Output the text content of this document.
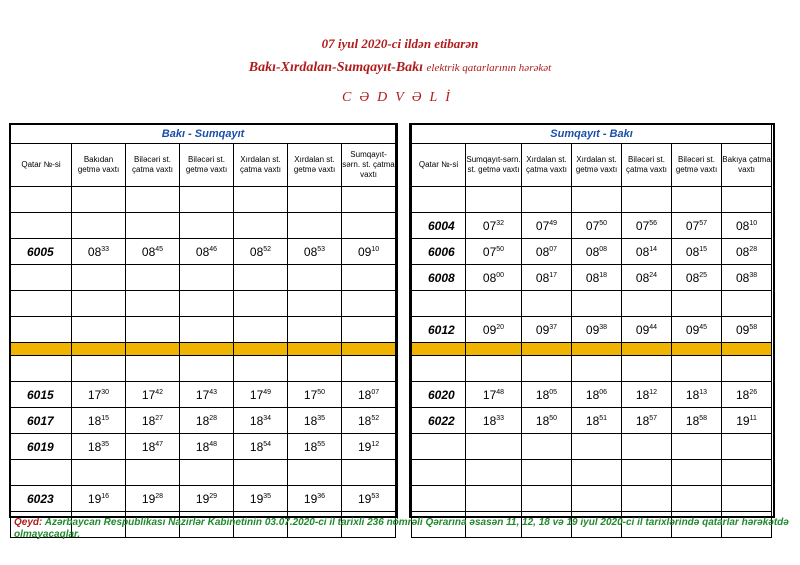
07 iyul 2020-ci ildən etibarən
Bakı-Xırdalan-Sumqayıt-Bakı elektrik qatarlarının hərəkət
CƏDVƏLİ
Bakı - Sumqayıt						
Qatar №-si	Bakıdan getmə vaxtı	Biləcəri st. çatma vaxtı	Biləcəri st. getmə vaxtı	Xırdalan st. çatma vaxtı	Xırdalan st. getmə vaxtı	Sumqayıt-sərn. st. çatma vaxtı

6005	$08^{33}$	$08^{45}$	$08^{46}$	$08^{52}$	$08^{53}$	$09^{10}$

6015	$17^{30}$	$17^{42}$	$17^{43}$	$17^{49}$	$17^{50}$	$18^{07}$
6017	$18^{15}$	$18^{27}$	$18^{28}$	$18^{34}$	$18^{35}$	$18^{52}$
6019	$18^{35}$	$18^{47}$	$18^{48}$	$18^{54}$	$18^{55}$	$19^{12}$

6023	$19^{16}$	$19^{28}$	$19^{29}$	$19^{35}$	$19^{36}$	$19^{53}$

Sumqayıt - Bakı						
Qatar №-si	Sumqayıt-sərn. st. getmə vaxtı	Xırdalan st. çatma vaxtı	Xırdalan st. getmə vaxtı	Biləcəri st. çatma vaxtı	Biləcəri st. getmə vaxtı	Bakıya çatma vaxtı

6004	$07^{32}$	$07^{49}$	$07^{50}$	$07^{56}$	$07^{57}$	$08^{10}$
6006	$07^{50}$	$08^{07}$	$08^{08}$	$08^{14}$	$08^{15}$	$08^{28}$
6008	$08^{00}$	$08^{17}$	$08^{18}$	$08^{24}$	$08^{25}$	$08^{38}$

6012	$09^{20}$	$09^{37}$	$09^{38}$	$09^{44}$	$09^{45}$	$09^{58}$

6020	$17^{48}$	$18^{05}$	$18^{06}$	$18^{12}$	$18^{13}$	$18^{26}$
6022	$18^{33}$	$18^{50}$	$18^{51}$	$18^{57}$	$18^{58}$	$19^{11}$

Qeyd: Azərbaycan Respublikası Nazirlər Kabinetinin 03.07.2020-ci il tarixli 236 nömrəli Qərarına əsasən 11, 12, 18 və 19 iyul 2020-ci il tarixlərində qatarlar hərəkətdə olmayacaqlar.
